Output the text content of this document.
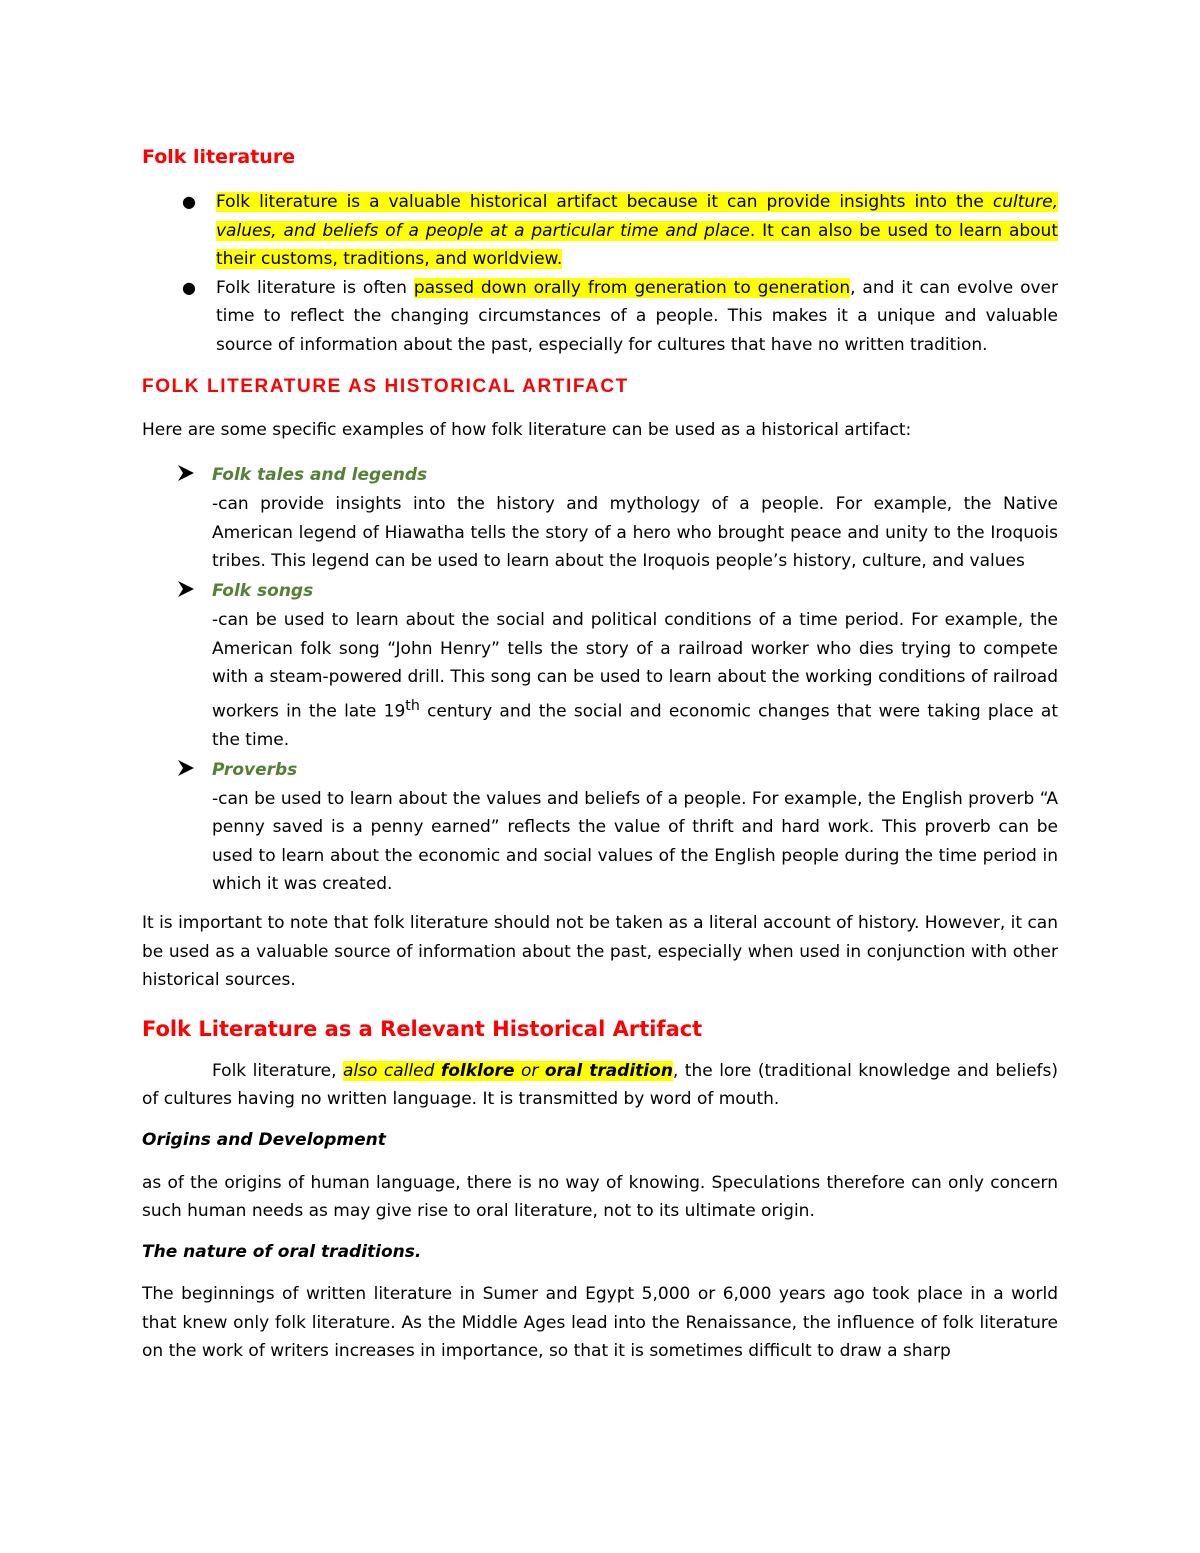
Folk literature
● Folk literature is a valuable historical artifact because it can provide insights into the culture, values, and beliefs of a people at a particular time and place. It can also be used to learn about their customs, traditions, and worldview.
● Folk literature is often passed down orally from generation to generation, and it can evolve over time to reflect the changing circumstances of a people. This makes it a unique and valuable source of information about the past, especially for cultures that have no written tradition.
FOLK LITERATURE AS HISTORICAL ARTIFACT

Here are some specific examples of how folk literature can be used as a historical artifact:

Folk tales and legends
-can provide insights into the history and mythology of a people. For example, the Native American legend of Hiawatha tells the story of a hero who brought peace and unity to the Iroquois tribes. This legend can be used to learn about the Iroquois people’s history, culture, and values
Folk songs
-can be used to learn about the social and political conditions of a time period. For example, the American folk song “John Henry” tells the story of a railroad worker who dies trying to compete with a steam-powered drill. This song can be used to learn about the working conditions of railroad workers in the late 19th century and the social and economic changes that were taking place at the time.
Proverbs
-can be used to learn about the values and beliefs of a people. For example, the English proverb “A penny saved is a penny earned” reflects the value of thrift and hard work. This proverb can be used to learn about the economic and social values of the English people during the time period in which it was created.

It is important to note that folk literature should not be taken as a literal account of history. However, it can be used as a valuable source of information about the past, especially when used in conjunction with other historical sources.

Folk Literature as a Relevant Historical Artifact

Folk literature, also called folklore or oral tradition, the lore (traditional knowledge and beliefs) of cultures having no written language. It is transmitted by word of mouth.

Origins and Development

as of the origins of human language, there is no way of knowing. Speculations therefore can only concern such human needs as may give rise to oral literature, not to its ultimate origin.

The nature of oral traditions.

The beginnings of written literature in Sumer and Egypt 5,000 or 6,000 years ago took place in a world that knew only folk literature. As the Middle Ages lead into the Renaissance, the influence of folk literature on the work of writers increases in importance, so that it is sometimes difficult to draw a sharp
